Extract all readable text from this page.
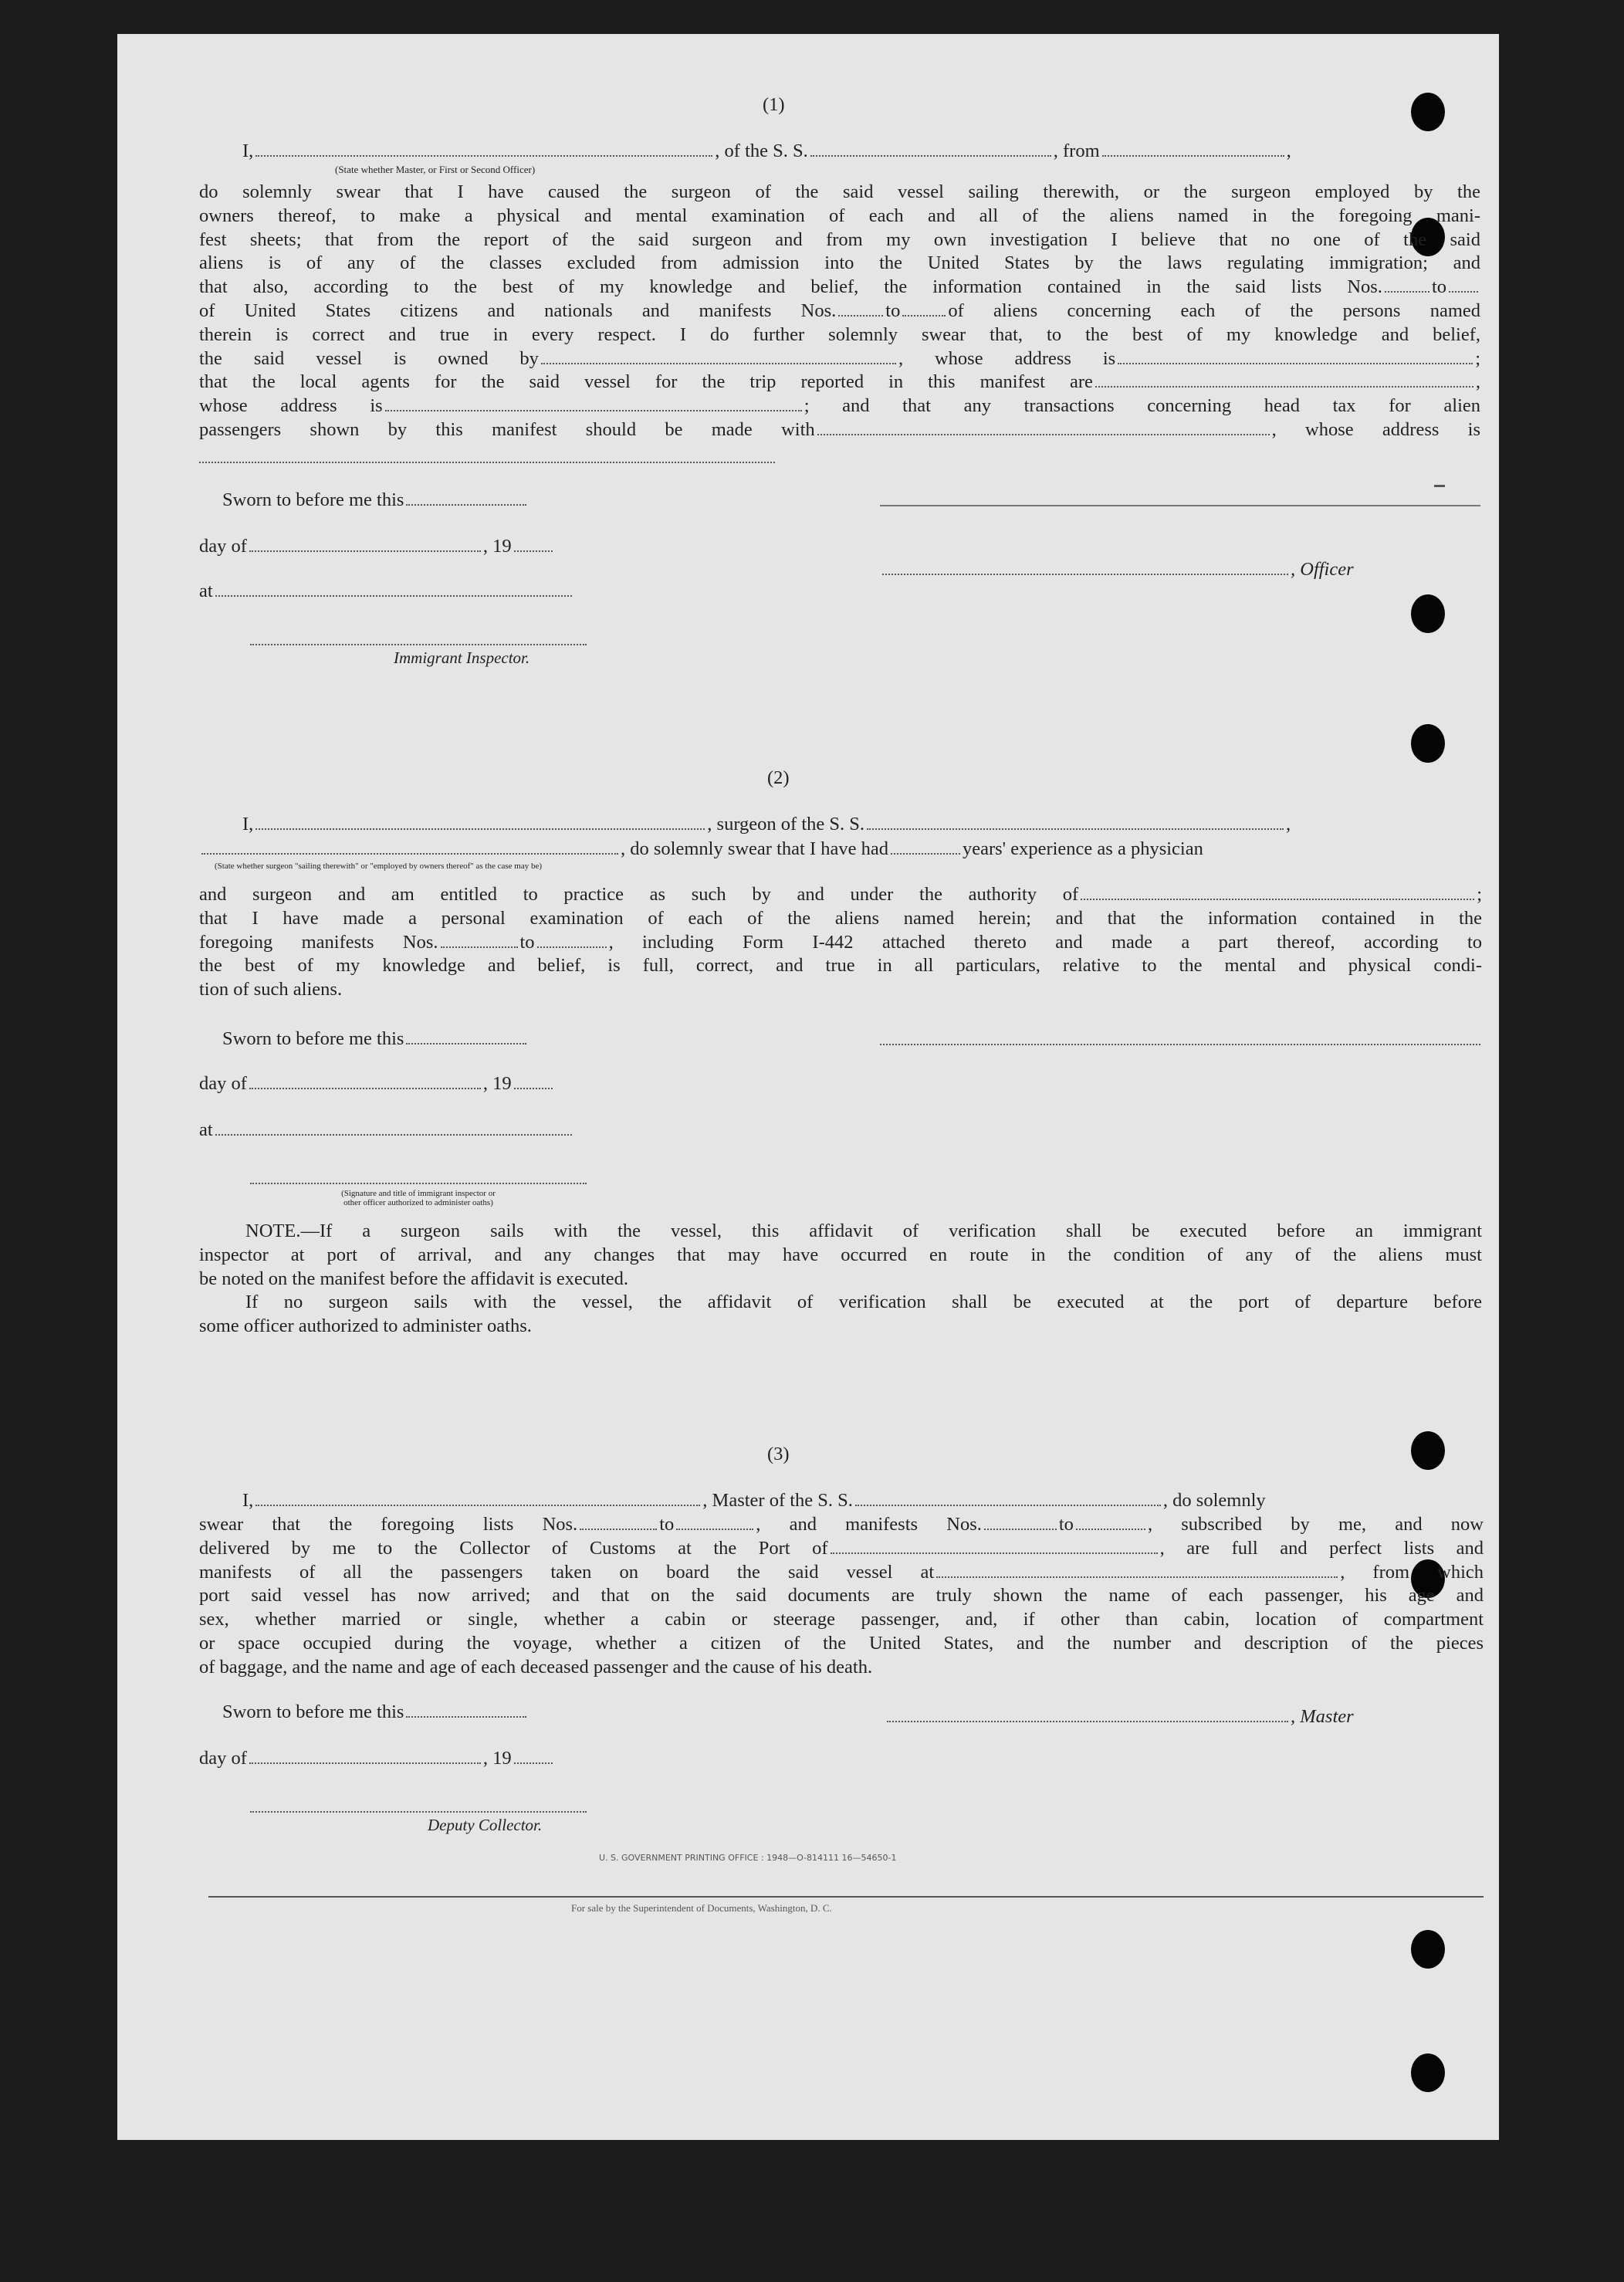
(1)
I,	, of the S. S.	, from	,
(State whether Master, or First or Second Officer)
do solemnly swear that I have caused the surgeon of the said vessel sailing therewith, or the surgeon employed by the
owners thereof, to make a physical and mental examination of each and all of the aliens named in the foregoing mani-
fest sheets; that from the report of the said surgeon and from my own investigation I believe that no one of the said
aliens is of any of the classes excluded from admission into the United States by the laws regulating immigration; and
that also, according to the best of my knowledge and belief, the information contained in the said lists Nos.	to
of United States citizens and nationals and manifests Nos.	to	of aliens concerning each of the persons named
therein is correct and true in every respect. I do further solemnly swear that, to the best of my knowledge and belief,
the said vessel is owned by	, whose address is	;
that the local agents for the said vessel for the trip reported in this manifest are	,
whose address is	; and that any transactions concerning head tax for alien
passengers shown by this manifest should be made with	, whose address is
Sworn to before me this
day of	, 19
at
Immigrant Inspector.
, Officer
(2)
I,	, surgeon of the S. S.	,
, do solemnly swear that I have had	years' experience as a physician
(State whether surgeon "sailing therewith" or "employed by owners thereof" as the case may be)
and surgeon and am entitled to practice as such by and under the authority of	;
that I have made a personal examination of each of the aliens named herein; and that the information contained in the
foregoing manifests Nos.	to	, including Form I-442 attached thereto and made a part thereof, according to
the best of my knowledge and belief, is full, correct, and true in all particulars, relative to the mental and physical condi-
tion of such aliens.
Sworn to before me this
day of	, 19
at
(Signature and title of immigrant inspector or
other officer authorized to administer oaths)
NOTE.—If a surgeon sails with the vessel, this affidavit of verification shall be executed before an immigrant
inspector at port of arrival, and any changes that may have occurred en route in the condition of any of the aliens must
be noted on the manifest before the affidavit is executed.
If no surgeon sails with the vessel, the affidavit of verification shall be executed at the port of departure before
some officer authorized to administer oaths.
(3)
I,	, Master of the S. S.	, do solemnly
swear that the foregoing lists Nos.	to	, and manifests Nos.	to	, subscribed by me, and now
delivered by me to the Collector of Customs at the Port of	, are full and perfect lists and
manifests of all the passengers taken on board the said vessel at	, from which
port said vessel has now arrived; and that on the said documents are truly shown the name of each passenger, his age and
sex, whether married or single, whether a cabin or steerage passenger, and, if other than cabin, location of compartment
or space occupied during the voyage, whether a citizen of the United States, and the number and description of the pieces
of baggage, and the name and age of each deceased passenger and the cause of his death.
Sworn to before me this
day of	, 19
Deputy Collector.
, Master
U. S. GOVERNMENT PRINTING OFFICE : 1948—O-814111 16—54650-1
For sale by the Superintendent of Documents, Washington, D. C.
